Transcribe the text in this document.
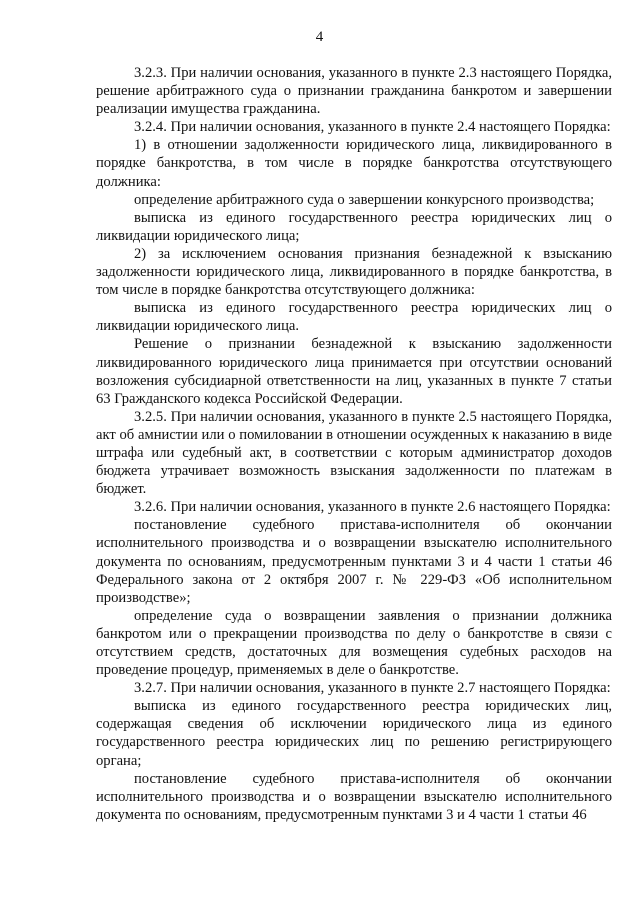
4

3.2.3. При наличии основания, указанного в пункте 2.3 настоящего Порядка, решение арбитражного суда о признании гражданина банкротом и завершении реализации имущества гражданина.

3.2.4. При наличии основания, указанного в пункте 2.4 настоящего Порядка:

1) в отношении задолженности юридического лица, ликвидированного в порядке банкротства, в том числе в порядке банкротства отсутствующего должника:

определение арбитражного суда о завершении конкурсного производства;

выписка из единого государственного реестра юридических лиц о ликвидации юридического лица;

2) за исключением основания признания безнадежной к взысканию задолженности юридического лица, ликвидированного в порядке банкротства, в том числе в порядке банкротства отсутствующего должника:

выписка из единого государственного реестра юридических лиц о ликвидации юридического лица.

Решение о признании безнадежной к взысканию задолженности ликвидированного юридического лица принимается при отсутствии оснований возложения субсидиарной ответственности на лиц, указанных в пункте 7 статьи 63 Гражданского кодекса Российской Федерации.

3.2.5. При наличии основания, указанного в пункте 2.5 настоящего Порядка, акт об амнистии или о помиловании в отношении осужденных к наказанию в виде штрафа или судебный акт, в соответствии с которым администратор доходов бюджета утрачивает возможность взыскания задолженности по платежам в бюджет.

3.2.6. При наличии основания, указанного в пункте 2.6 настоящего Порядка:

постановление судебного пристава-исполнителя об окончании исполнительного производства и о возвращении взыскателю исполнительного документа по основаниям, предусмотренным пунктами 3 и 4 части 1 статьи 46 Федерального закона от 2 октября 2007 г. № 229-ФЗ «Об исполнительном производстве»;

определение суда о возвращении заявления о признании должника банкротом или о прекращении производства по делу о банкротстве в связи с отсутствием средств, достаточных для возмещения судебных расходов на проведение процедур, применяемых в деле о банкротстве.

3.2.7. При наличии основания, указанного в пункте 2.7 настоящего Порядка:

выписка из единого государственного реестра юридических лиц, содержащая сведения об исключении юридического лица из единого государственного реестра юридических лиц по решению регистрирующего органа;

постановление судебного пристава-исполнителя об окончании исполнительного производства и о возвращении взыскателю исполнительного документа по основаниям, предусмотренным пунктами 3 и 4 части 1 статьи 46
